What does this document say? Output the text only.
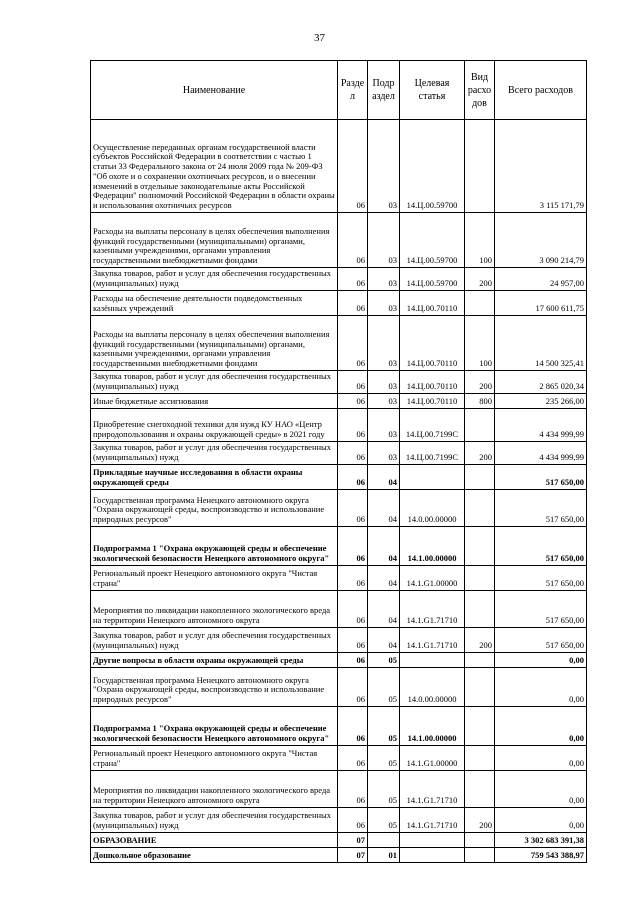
37
Наименование	Разде л	Подр аздел	Целевая статья	Вид расхо дов	Всего расходов
Осуществление переданных органам государственной власти субъектов Российской Федерации в соответствии с частью 1 статьи 33 Федерального закона от 24 июля 2009 года № 209-ФЗ "Об охоте и о сохранении охотничьих ресурсов, и о внесении изменений в отдельные законодательные акты Российской Федерации" полномочий Российской Федерации в области охраны и использования охотничьих ресурсов	06	03	14.Ц.00.59700		3 115 171,79
Расходы на выплаты персоналу в целях обеспечения выполнения функций государственными (муниципальными) органами, казенными учреждениями, органами управления государственными внебюджетными фондами	06	03	14.Ц.00.59700	100	3 090 214,79
Закупка товаров, работ и услуг для обеспечения государственных (муниципальных) нужд	06	03	14.Ц.00.59700	200	24 957,00
Расходы на обеспечение деятельности подведомственных казённых учреждений	06	03	14.Ц.00.70110		17 600 611,75
Расходы на выплаты персоналу в целях обеспечения выполнения функций государственными (муниципальными) органами, казенными учреждениями, органами управления государственными внебюджетными фондами	06	03	14.Ц.00.70110	100	14 500 325,41
Закупка товаров, работ и услуг для обеспечения государственных (муниципальных) нужд	06	03	14.Ц.00.70110	200	2 865 020,34
Иные бюджетные ассигнования	06	03	14.Ц.00.70110	800	235 266,00
Приобретение снегоходной техники для нужд КУ НАО «Центр природопользования и охраны окружающей среды» в 2021 году	06	03	14.Ц.00.7199С		4 434 999,99
Закупка товаров, работ и услуг для обеспечения государственных (муниципальных) нужд	06	03	14.Ц.00.7199С	200	4 434 999,99
Прикладные научные исследования в области охраны окружающей среды	06	04			517 650,00
Государственная программа Ненецкого автономного округа "Охрана окружающей среды, воспроизводство и использование природных ресурсов"	06	04	14.0.00.00000		517 650,00
Подпрограмма 1 "Охрана окружающей среды и обеспечение экологической безопасности Ненецкого автономного округа"	06	04	14.1.00.00000		517 650,00
Региональный проект Ненецкого автономного округа "Чистая страна"	06	04	14.1.G1.00000		517 650,00
Мероприятия по ликвидации накопленного экологического вреда на территории Ненецкого автономного округа	06	04	14.1.G1.71710		517 650,00
Закупка товаров, работ и услуг для обеспечения государственных (муниципальных) нужд	06	04	14.1.G1.71710	200	517 650,00
Другие вопросы в области охраны окружающей среды	06	05			0,00
Государственная программа Ненецкого автономного округа "Охрана окружающей среды, воспроизводство и использование природных ресурсов"	06	05	14.0.00.00000		0,00
Подпрограмма 1 "Охрана окружающей среды и обеспечение экологической безопасности Ненецкого автономного округа"	06	05	14.1.00.00000		0,00
Региональный проект Ненецкого автономного округа "Чистая страна"	06	05	14.1.G1.00000		0,00
Мероприятия по ликвидации накопленного экологического вреда на территории Ненецкого автономного округа	06	05	14.1.G1.71710		0,00
Закупка товаров, работ и услуг для обеспечения государственных (муниципальных) нужд	06	05	14.1.G1.71710	200	0,00
ОБРАЗОВАНИЕ	07				3 302 683 391,38
Дошкольное образование	07	01			759 543 388,97
